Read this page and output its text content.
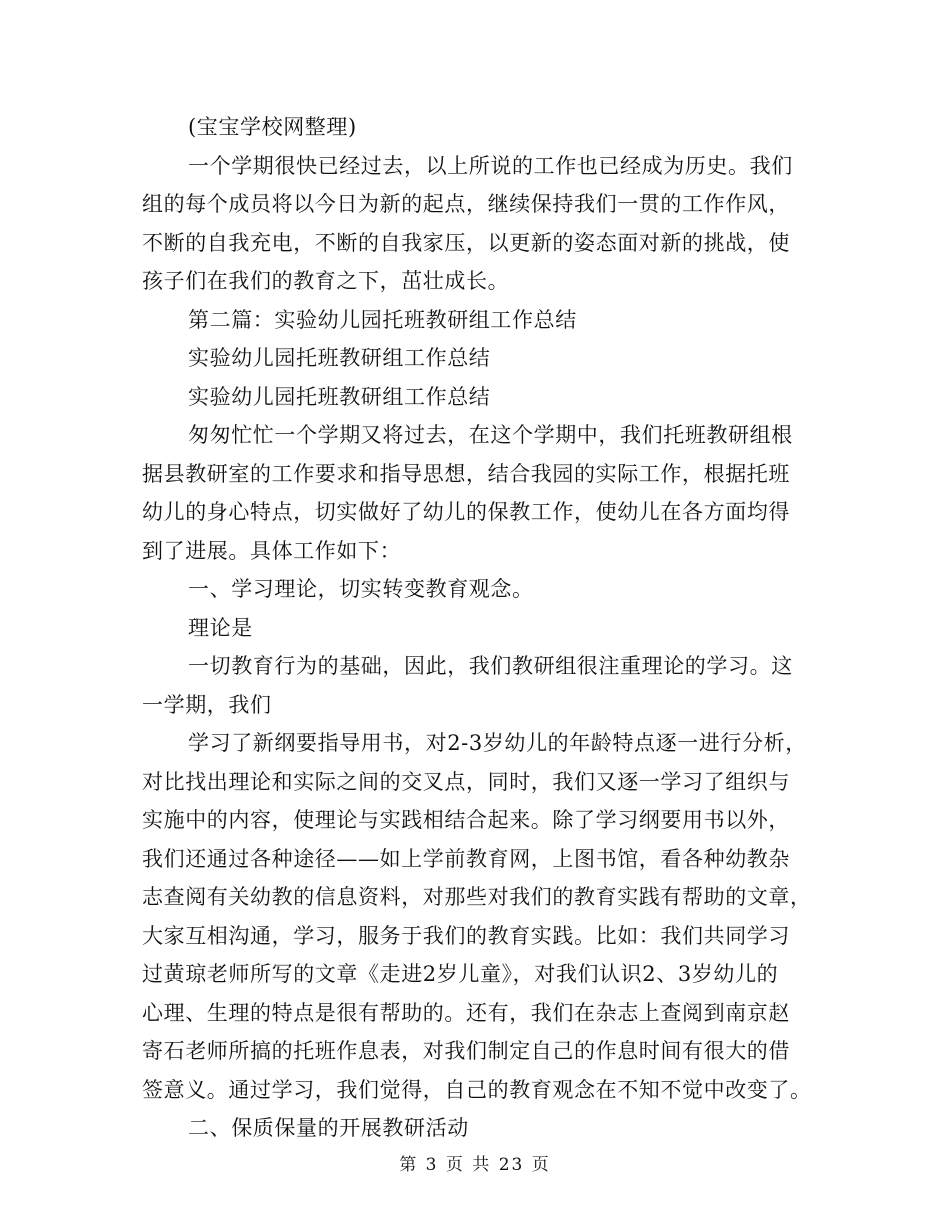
(宝宝学校网整理)
一个学期很快已经过去，以上所说的工作也已经成为历史。我们
组的每个成员将以今日为新的起点，继续保持我们一贯的工作作风，
不断的自我充电，不断的自我家压，以更新的姿态面对新的挑战，使
孩子们在我们的教育之下，茁壮成长。
第二篇：实验幼儿园托班教研组工作总结
实验幼儿园托班教研组工作总结
实验幼儿园托班教研组工作总结
匆匆忙忙一个学期又将过去，在这个学期中，我们托班教研组根
据县教研室的工作要求和指导思想，结合我园的实际工作，根据托班
幼儿的身心特点，切实做好了幼儿的保教工作，使幼儿在各方面均得
到了进展。具体工作如下：
一、学习理论，切实转变教育观念。
理论是
一切教育行为的基础，因此，我们教研组很注重理论的学习。这
一学期，我们
学习了新纲要指导用书，对2-3岁幼儿的年龄特点逐一进行分析，
对比找出理论和实际之间的交叉点，同时，我们又逐一学习了组织与
实施中的内容，使理论与实践相结合起来。除了学习纲要用书以外，
我们还通过各种途径——如上学前教育网，上图书馆，看各种幼教杂
志查阅有关幼教的信息资料，对那些对我们的教育实践有帮助的文章，
大家互相沟通，学习，服务于我们的教育实践。比如：我们共同学习
过黄琼老师所写的文章《走进2岁儿童》，对我们认识2、3岁幼儿的
心理、生理的特点是很有帮助的。还有，我们在杂志上查阅到南京赵
寄石老师所搞的托班作息表，对我们制定自己的作息时间有很大的借
签意义。通过学习，我们觉得，自己的教育观念在不知不觉中改变了。
二、保质保量的开展教研活动
第 3 页 共 23 页
